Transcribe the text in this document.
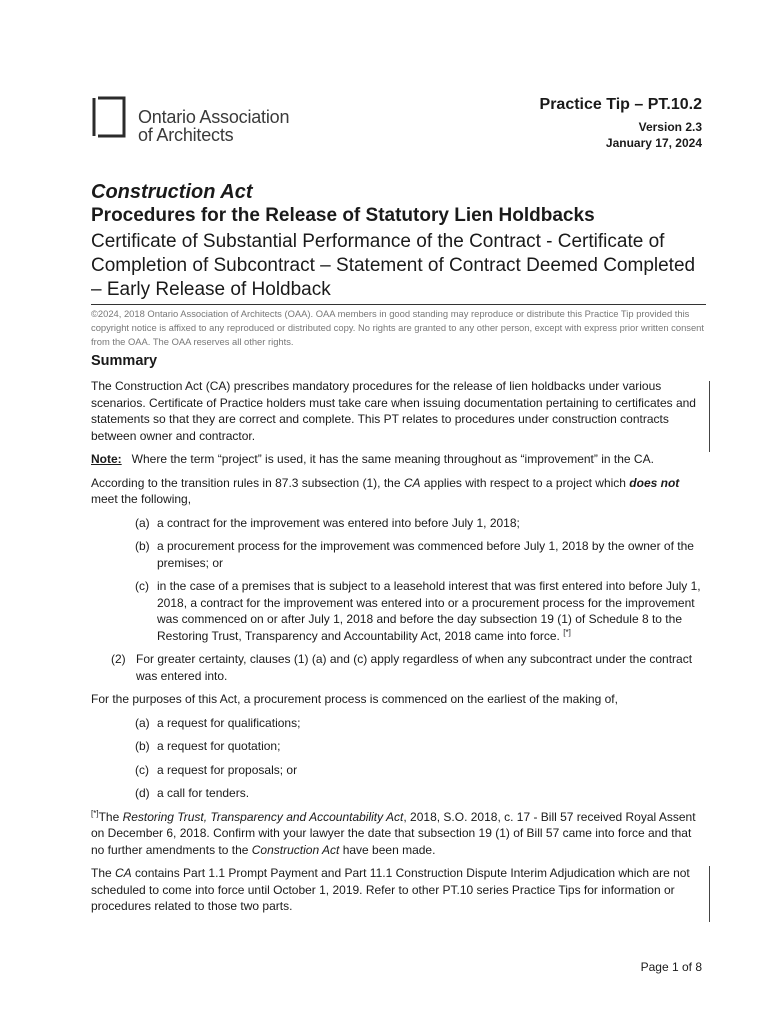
Ontario Association
of Architects
Practice Tip – PT.10.2
Version 2.3
January 17, 2024
Construction Act
Procedures for the Release of Statutory Lien Holdbacks
Certificate of Substantial Performance of the Contract - Certificate of Completion of Subcontract – Statement of Contract Deemed Completed – Early Release of Holdback
©2024, 2018 Ontario Association of Architects (OAA). OAA members in good standing may reproduce or distribute this Practice Tip provided this copyright notice is affixed to any reproduced or distributed copy. No rights are granted to any other person, except with express prior written consent from the OAA. The OAA reserves all other rights.
Summary

The Construction Act (CA) prescribes mandatory procedures for the release of lien holdbacks under various scenarios. Certificate of Practice holders must take care when issuing documentation pertaining to certificates and statements so that they are correct and complete. This PT relates to procedures under construction contracts between owner and contractor.

Note: Where the term “project” is used, it has the same meaning throughout as “improvement” in the CA.

According to the transition rules in 87.3 subsection (1), the CA applies with respect to a project which does not meet the following,

(a) a contract for the improvement was entered into before July 1, 2018;
(b) a procurement process for the improvement was commenced before July 1, 2018 by the owner of the premises; or
(c) in the case of a premises that is subject to a leasehold interest that was first entered into before July 1, 2018, a contract for the improvement was entered into or a procurement process for the improvement was commenced on or after July 1, 2018 and before the day subsection 19 (1) of Schedule 8 to the Restoring Trust, Transparency and Accountability Act, 2018 came into force. [*]
(2) For greater certainty, clauses (1) (a) and (c) apply regardless of when any subcontract under the contract was entered into.

For the purposes of this Act, a procurement process is commenced on the earliest of the making of,

(a) a request for qualifications;
(b) a request for quotation;
(c) a request for proposals; or
(d) a call for tenders.

[*]The Restoring Trust, Transparency and Accountability Act, 2018, S.O. 2018, c. 17 - Bill 57 received Royal Assent on December 6, 2018. Confirm with your lawyer the date that subsection 19 (1) of Bill 57 came into force and that no further amendments to the Construction Act have been made.

The CA contains Part 1.1 Prompt Payment and Part 11.1 Construction Dispute Interim Adjudication which are not scheduled to come into force until October 1, 2019. Refer to other PT.10 series Practice Tips for information or procedures related to those two parts.

Page 1 of 8
